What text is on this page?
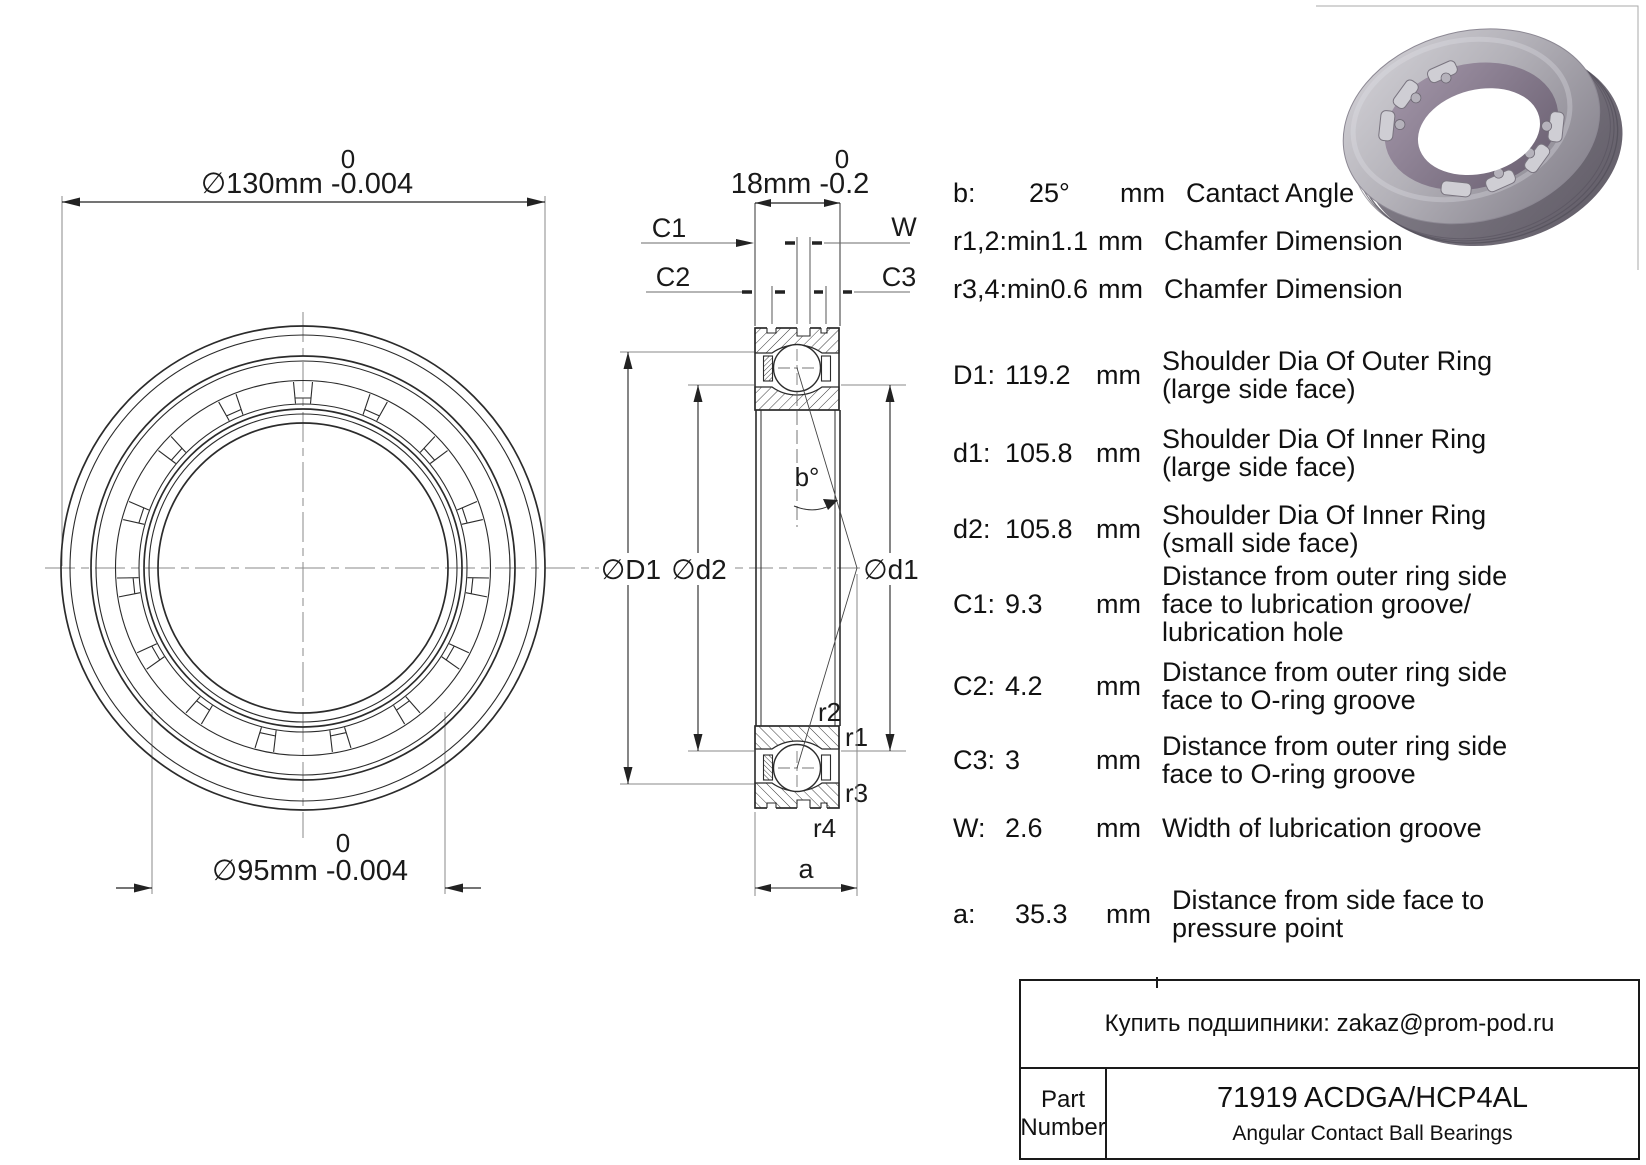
0
∅130mm -0.004
0
∅95mm -0.004
b°
0
18mm -0.2
C1	W
C2	C3
∅D1 ∅d2	∅d1
r2
r1
r3
r4
a
b:	25°	mm Cantact Angle
r1,2: min1.1 mm Chamfer Dimension
r3,4: min0.6 mm Chamfer Dimension
D1: 119.2 mm Shoulder Dia Of Outer Ring
(large side face)
d1: 105.8 mm Shoulder Dia Of Inner Ring
(large side face)
d2: 105.8 mm Shoulder Dia Of Inner Ring
(small side face)
C1: 9.3	mm
Distance from outer ring side
face to lubrication groove/
lubrication hole
C2: 4.2	mm Distance from outer ring side
face to O-ring groove
C3: 3	mm Distance from outer ring side
face to O-ring groove
W: 2.6	mm Width of lubrication groove
a:	35.3	mm Distance from side face to
pressure point
Купить подшипники: zakaz@prom-pod.ru
Part Number
71919 ACDGA/HCP4AL
Angular Contact Ball Bearings
